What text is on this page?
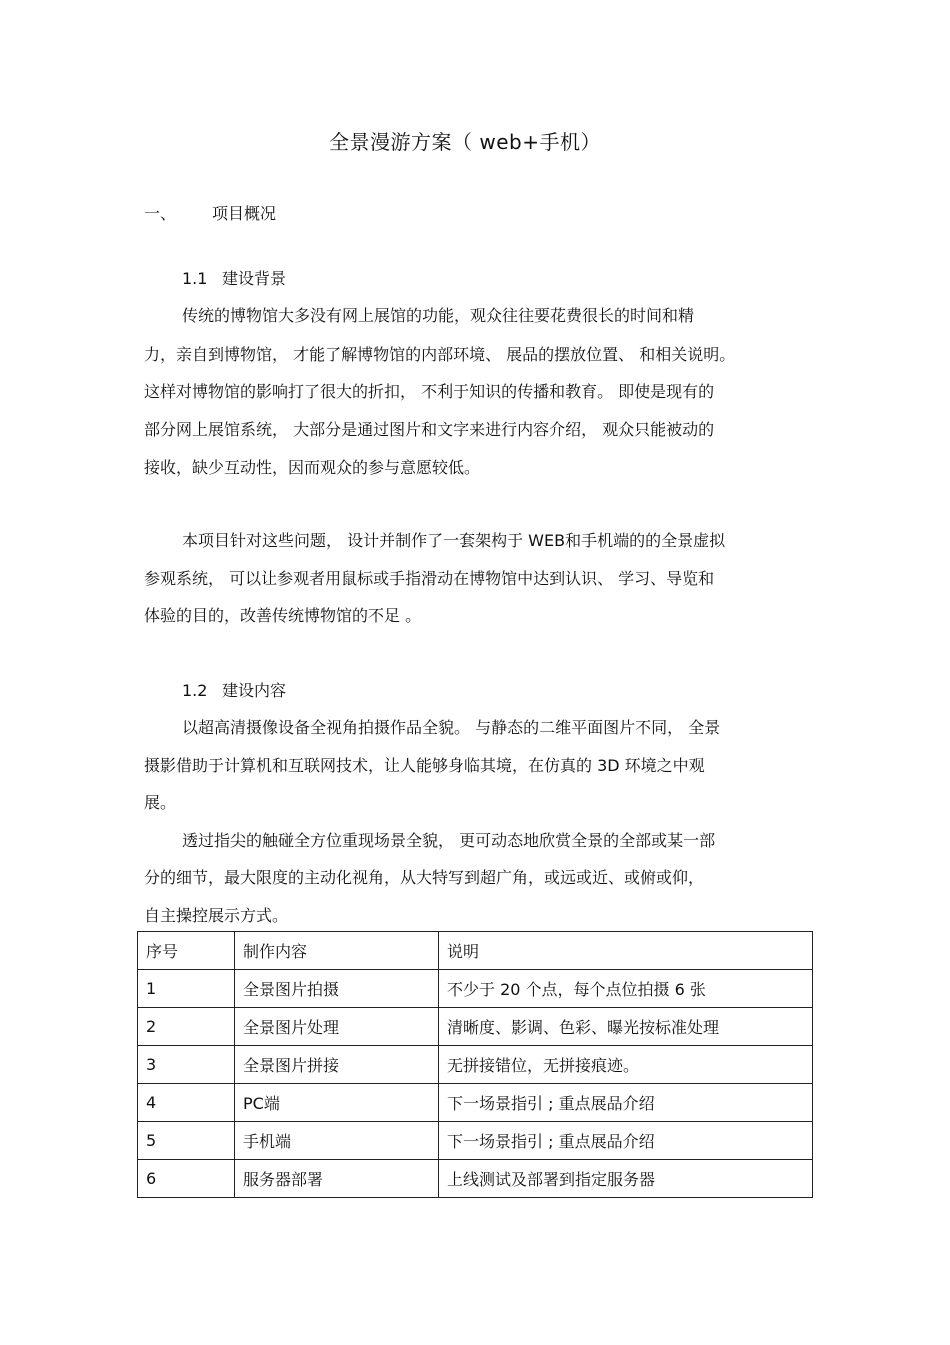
全景漫游方案（ web+手机）
一、 项目概况
1.1 建设背景
传统的博物馆大多没有网上展馆的功能，观众往往要花费很长的时间和精
力，亲自到博物馆， 才能了解博物馆的内部环境、 展品的摆放位置、 和相关说明。
这样对博物馆的影响打了很大的折扣， 不利于知识的传播和教育。 即使是现有的
部分网上展馆系统， 大部分是通过图片和文字来进行内容介绍， 观众只能被动的
接收，缺少互动性，因而观众的参与意愿较低。
本项目针对这些问题， 设计并制作了一套架构于 WEB和手机端的的全景虚拟
参观系统， 可以让参观者用鼠标或手指滑动在博物馆中达到认识、 学习、导览和
体验的目的，改善传统博物馆的不足 。
1.2 建设内容
以超高清摄像设备全视角拍摄作品全貌。 与静态的二维平面图片不同， 全景
摄影借助于计算机和互联网技术，让人能够身临其境，在仿真的 3D 环境之中观
展。
透过指尖的触碰全方位重现场景全貌， 更可动态地欣赏全景的全部或某一部
分的细节，最大限度的主动化视角，从大特写到超广角，或远或近、或俯或仰，
自主操控展示方式。
序号	制作内容	说明
1	全景图片拍摄	不少于 20 个点，每个点位拍摄 6 张
2	全景图片处理	清晰度、影调、色彩、曝光按标准处理
3	全景图片拼接	无拼接错位，无拼接痕迹。
4	PC端	下一场景指引 ; 重点展品介绍
5	手机端	下一场景指引 ; 重点展品介绍
6	服务器部署	上线测试及部署到指定服务器
